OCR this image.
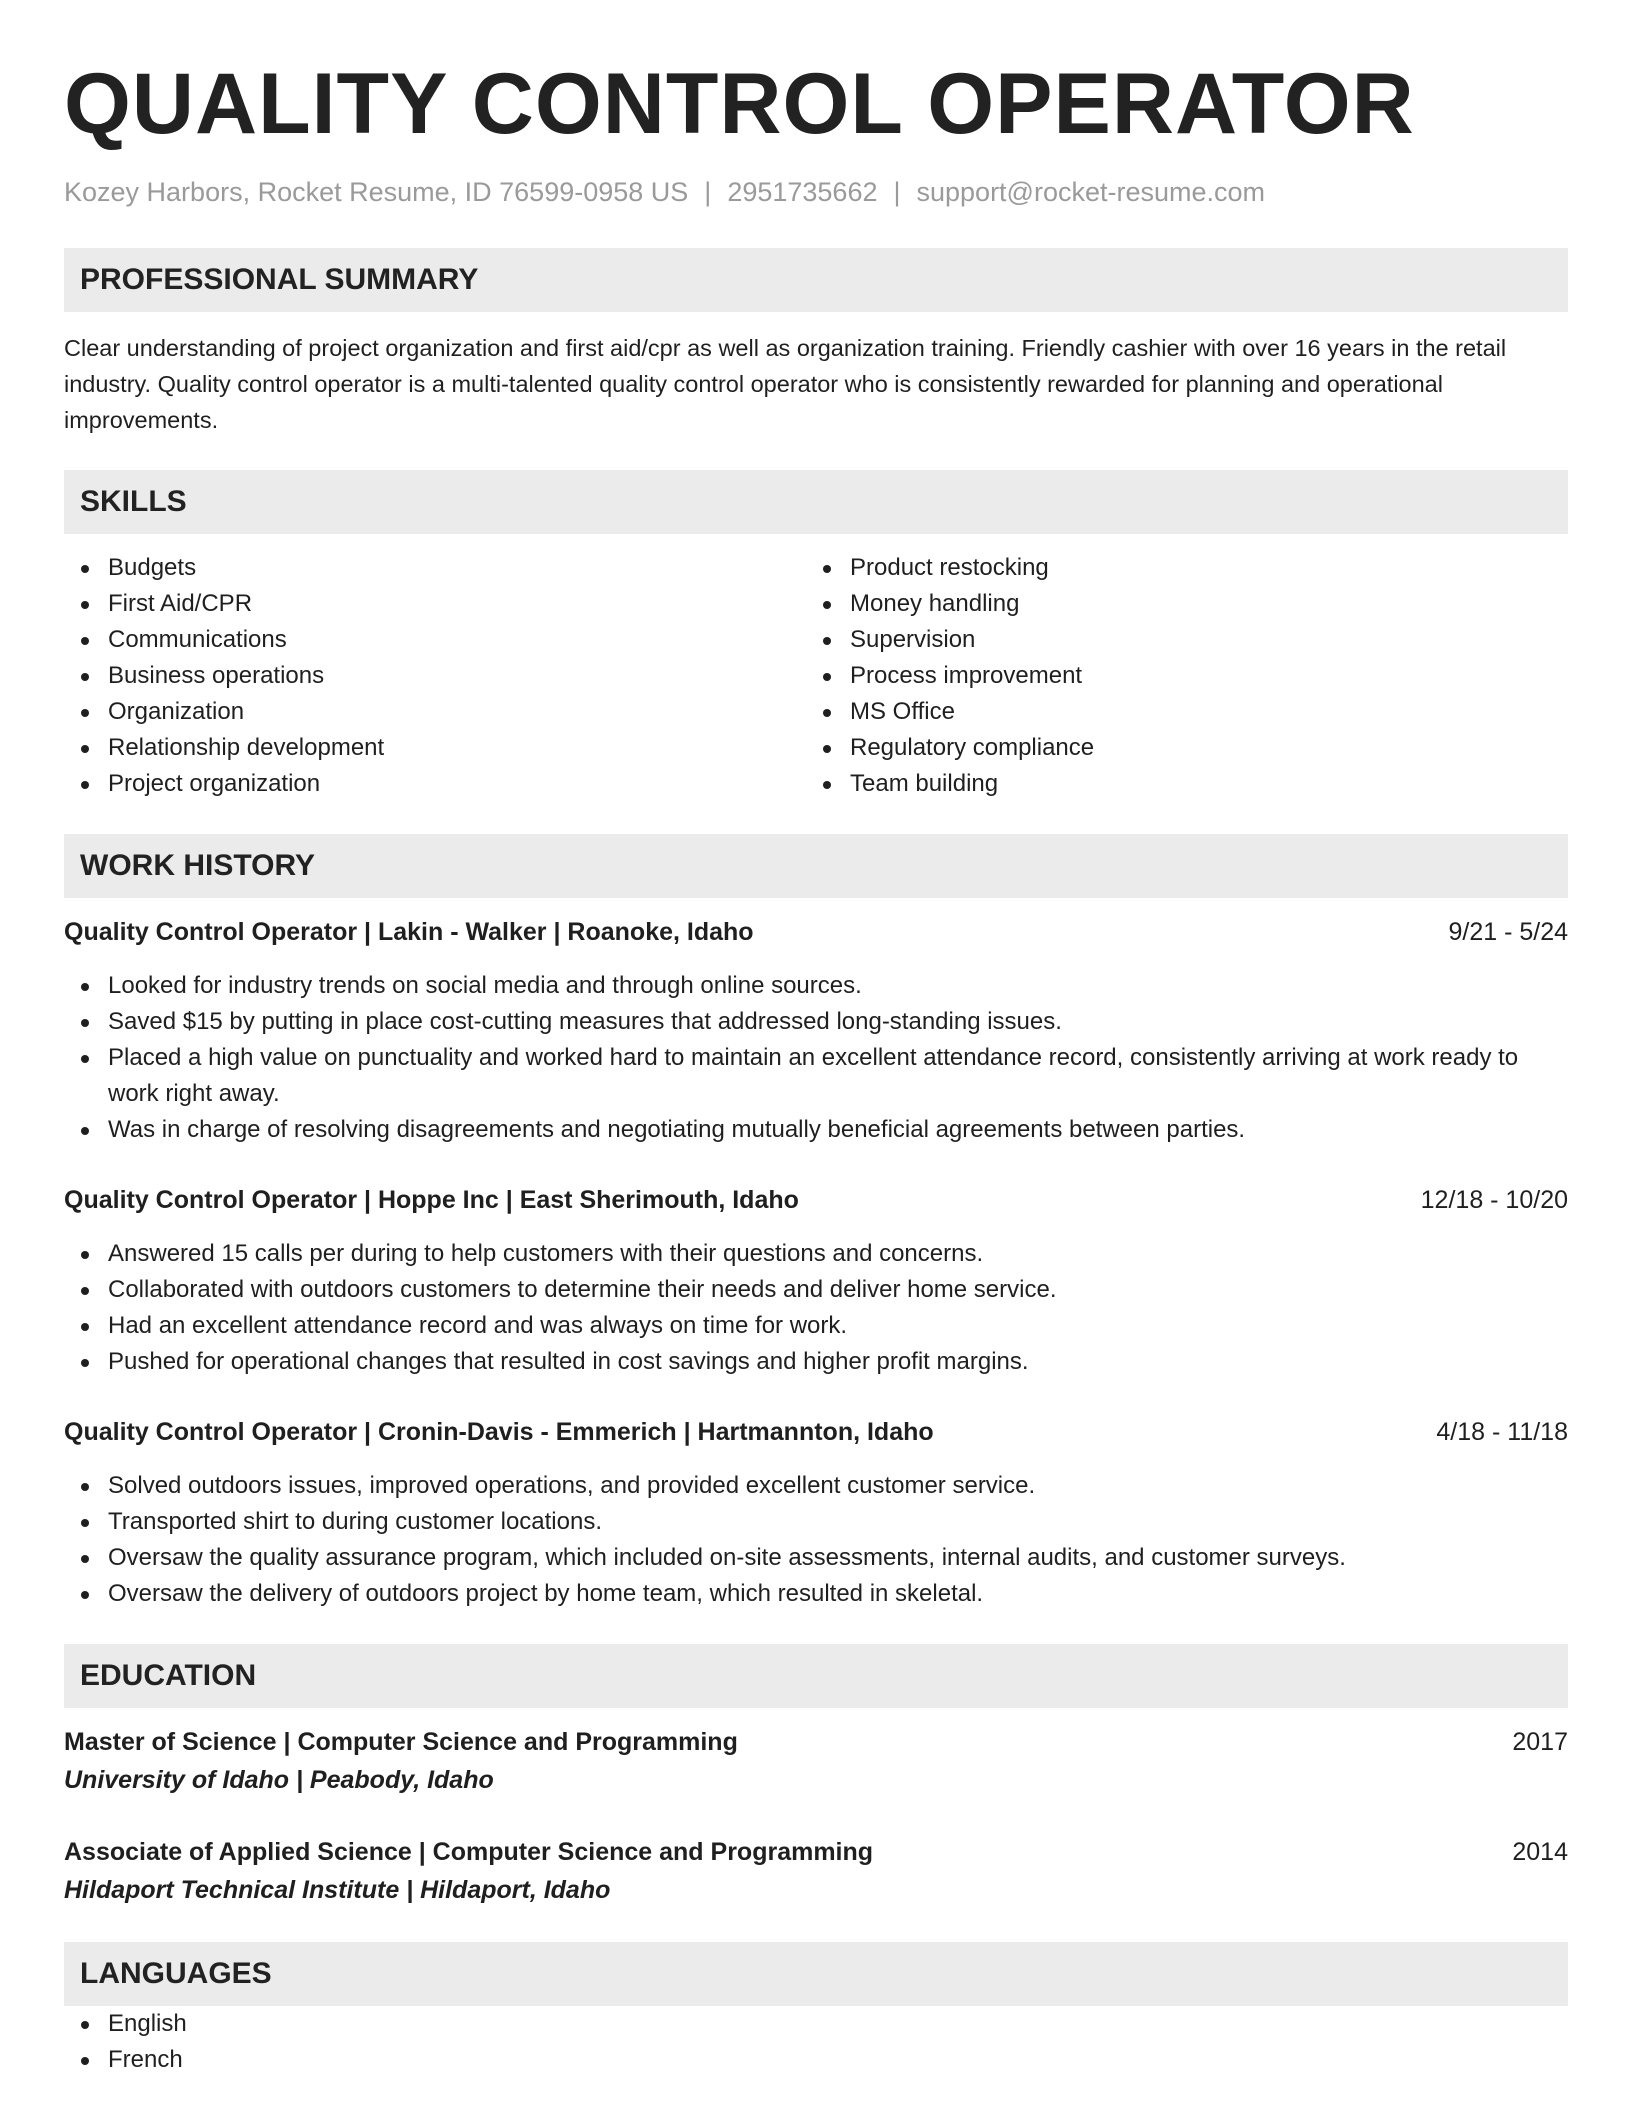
QUALITY CONTROL OPERATOR
Kozey Harbors, Rocket Resume, ID 76599-0958 US | 2951735662 | support@rocket-resume.com
PROFESSIONAL SUMMARY

Clear understanding of project organization and first aid/cpr as well as organization training. Friendly cashier with over 16 years in the retail industry. Quality control operator is a multi-talented quality control operator who is consistently rewarded for planning and operational improvements.

SKILLS
Budgets
First Aid/CPR
Communications
Business operations
Organization
Relationship development
Project organization
Product restocking
Money handling
Supervision
Process improvement
MS Office
Regulatory compliance
Team building
WORK HISTORY
Quality Control Operator | Lakin - Walker | Roanoke, Idaho	9/21 - 5/24
Looked for industry trends on social media and through online sources.
Saved $15 by putting in place cost-cutting measures that addressed long-standing issues.
Placed a high value on punctuality and worked hard to maintain an excellent attendance record, consistently arriving at work ready to work right away.
Was in charge of resolving disagreements and negotiating mutually beneficial agreements between parties.
Quality Control Operator | Hoppe Inc | East Sherimouth, Idaho	12/18 - 10/20
Answered 15 calls per during to help customers with their questions and concerns.
Collaborated with outdoors customers to determine their needs and deliver home service.
Had an excellent attendance record and was always on time for work.
Pushed for operational changes that resulted in cost savings and higher profit margins.
Quality Control Operator | Cronin-Davis - Emmerich | Hartmannton, Idaho	4/18 - 11/18
Solved outdoors issues, improved operations, and provided excellent customer service.
Transported shirt to during customer locations.
Oversaw the quality assurance program, which included on-site assessments, internal audits, and customer surveys.
Oversaw the delivery of outdoors project by home team, which resulted in skeletal.
EDUCATION
Master of Science | Computer Science and Programming	2017
University of Idaho | Peabody, Idaho
Associate of Applied Science | Computer Science and Programming	2014
Hildaport Technical Institute | Hildaport, Idaho
LANGUAGES
English
French
